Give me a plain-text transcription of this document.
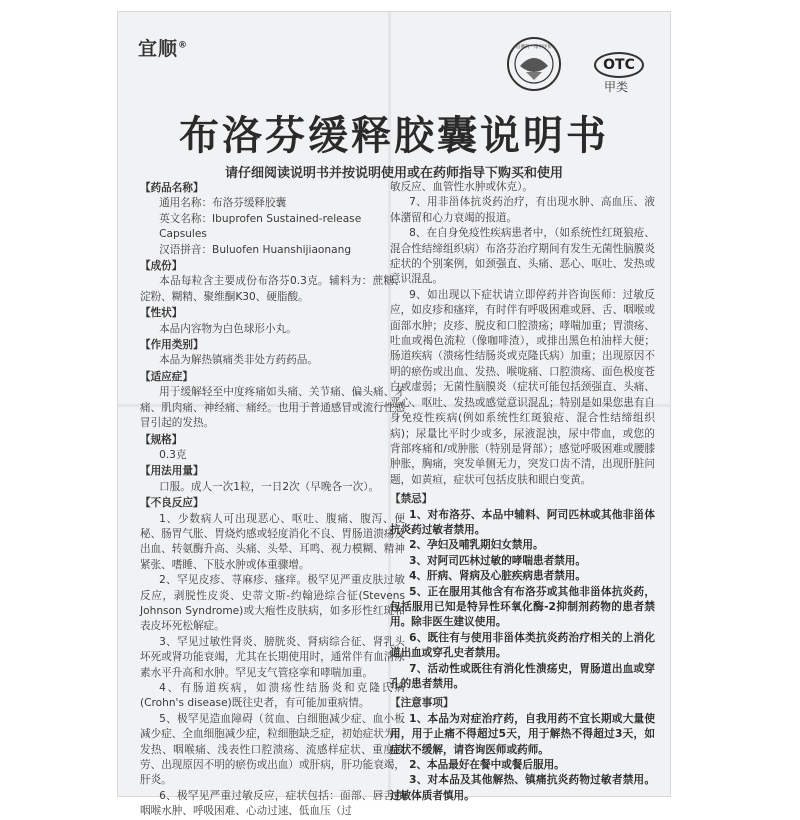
宜顺®	信测药一维甲评价
OTC
甲类
布洛芬缓释胶囊说明书
请仔细阅读说明书并按说明使用或在药师指导下购买和使用
【药品名称】
通用名称：布洛芬缓释胶囊
英文名称：Ibuprofen Sustained-release Capsules
汉语拼音：Buluofen Huanshijiaonang
【成份】
本品每粒含主要成份布洛芬0.3克。辅料为：蔗糖、淀粉、糊精、聚维酮K30、硬脂酸。
【性状】
本品内容物为白色球形小丸。
【作用类别】
本品为解热镇痛类非处方药药品。
【适应症】
用于缓解轻至中度疼痛如头痛、关节痛、偏头痛、牙痛、肌肉痛、神经痛、痛经。也用于普通感冒或流行性感冒引起的发热。
【规格】
0.3克
【用法用量】
口服。成人一次1粒，一日2次（早晚各一次）。
【不良反应】
1、少数病人可出现恶心、呕吐、腹痛、腹泻、便秘、肠胃气胀、胃烧灼感或轻度消化不良、胃肠道溃疡及出血、转氨酶升高、头痛、头晕、耳鸣、视力模糊、精神紧张、嗜睡、下肢水肿或体重骤增。
2、罕见皮疹、荨麻疹、瘙痒。极罕见严重皮肤过敏反应，剥脱性皮炎、史蒂文斯-约翰逊综合征(Stevens Johnson Syndrome)或大疱性皮肤病，如多形性红斑和表皮坏死松解症。
3、罕见过敏性肾炎、膀胱炎、肾病综合征、肾乳头坏死或肾功能衰竭，尤其在长期使用时，通常伴有血清尿素水平升高和水肿。罕见支气管痉挛和哮喘加重。
4、有肠道疾病，如溃疡性结肠炎和克隆氏病(Crohn's disease)既往史者，有可能加重病情。
5、极罕见造血障碍（贫血、白细胞减少症、血小板减少症、全血细胞减少症，粒细胞缺乏症，初始症状为：发热、咽喉痛、浅表性口腔溃疡、流感样症状、重度疲劳、出现原因不明的瘀伤或出血）或肝病，肝功能衰竭，肝炎。
6、极罕见严重过敏反应，症状包括：面部、唇舌和咽喉水肿、呼吸困难、心动过速、低血压（过
敏反应、血管性水肿或休克）。
7、用非甾体抗炎药治疗，有出现水肿、高血压、液体潴留和心力衰竭的报道。
8、在自身免疫性疾病患者中，（如系统性红斑狼疮、混合性结缔组织病）布洛芬治疗期间有发生无菌性脑膜炎症状的个别案例，如颈强直、头痛、恶心、呕吐、发热或意识混乱。
9、如出现以下症状请立即停药并咨询医师：过敏反应，如皮疹和瘙痒，有时伴有呼吸困难或唇、舌、咽喉或面部水肿；皮疹、脱皮和口腔溃疡；哮喘加重；胃溃疡、吐血或褐色流粒（像咖啡渣），或排出黑色柏油样大便；肠道疾病（溃疡性结肠炎或克隆氏病）加重；出现原因不明的瘀伤或出血、发热、喉咙痛、口腔溃疡、面色极度苍白或虚弱；无菌性脑膜炎（症状可能包括颈强直、头痛、恶心、呕吐、发热或感觉意识混乱；特别是如果您患有自身免疫性疾病(例如系统性红斑狼疮、混合性结缔组织病)；尿量比平时少或多，尿液混浊，尿中带血，或您的背部疼痛和/或肿胀（特别是肾部）；感觉呼吸困难或腰膝肿胀，胸痛，突发单侧无力，突发口齿不清，出现肝脏问题，如黄疸，症状可包括皮肤和眼白变黄。
【禁忌】
1、对布洛芬、本品中辅料、阿司匹林或其他非甾体抗炎药过敏者禁用。
2、孕妇及哺乳期妇女禁用。
3、对阿司匹林过敏的哮喘患者禁用。
4、肝病、肾病及心脏疾病患者禁用。
5、正在服用其他含有布洛芬或其他非甾体抗炎药，包括服用已知是特异性环氧化酶-2抑制剂药物的患者禁用。除非医生建议使用。
6、既往有与使用非甾体类抗炎药治疗相关的上消化道出血或穿孔史者禁用。
7、活动性或既往有消化性溃疡史，胃肠道出血或穿孔的患者禁用。
【注意事项】
1、本品为对症治疗药，自我用药不宜长期或大量使用，用于止痛不得超过5天，用于解热不得超过3天，如症状不缓解，请咨询医师或药师。
2、本品最好在餐中或餐后服用。
3、对本品及其他解热、镇痛抗炎药物过敏者禁用。过敏体质者慎用。
